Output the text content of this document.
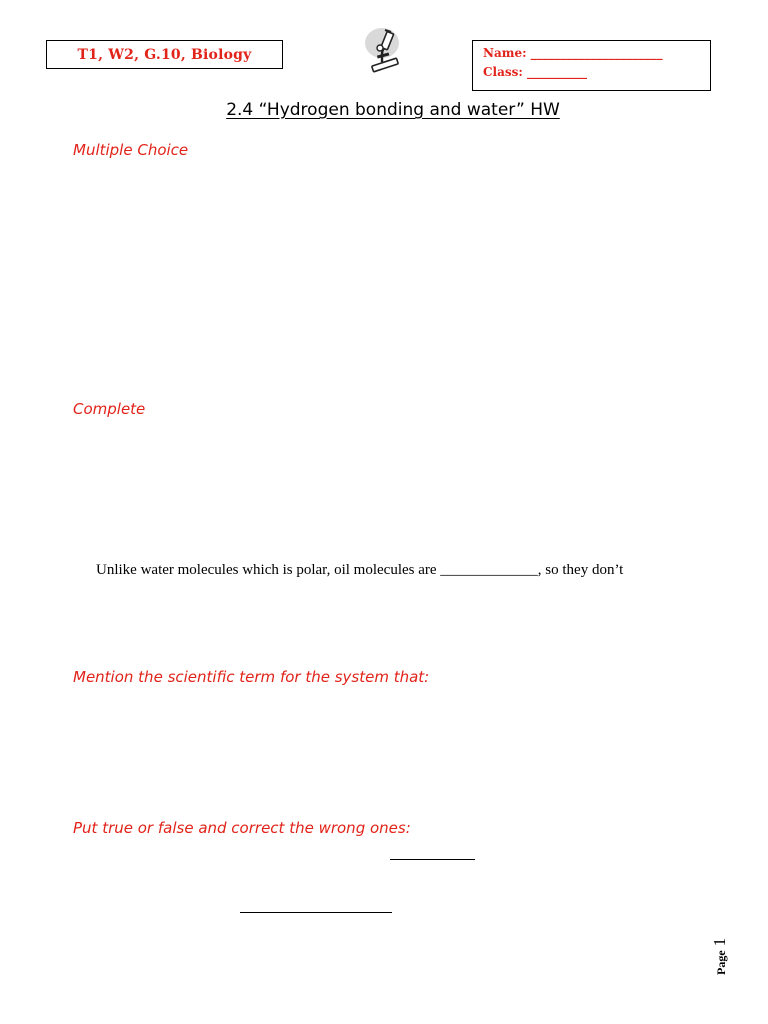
T1, W2, G.10, Biology	Name: ______________________
Class: __________
2.4 “Hydrogen bonding and water” HW
Multiple Choice
Complete
Unlike water molecules which is polar, oil molecules are _____________, so they don’t
Mention the scientific term for the system that:
Put true or false and correct the wrong ones:
Page 1
